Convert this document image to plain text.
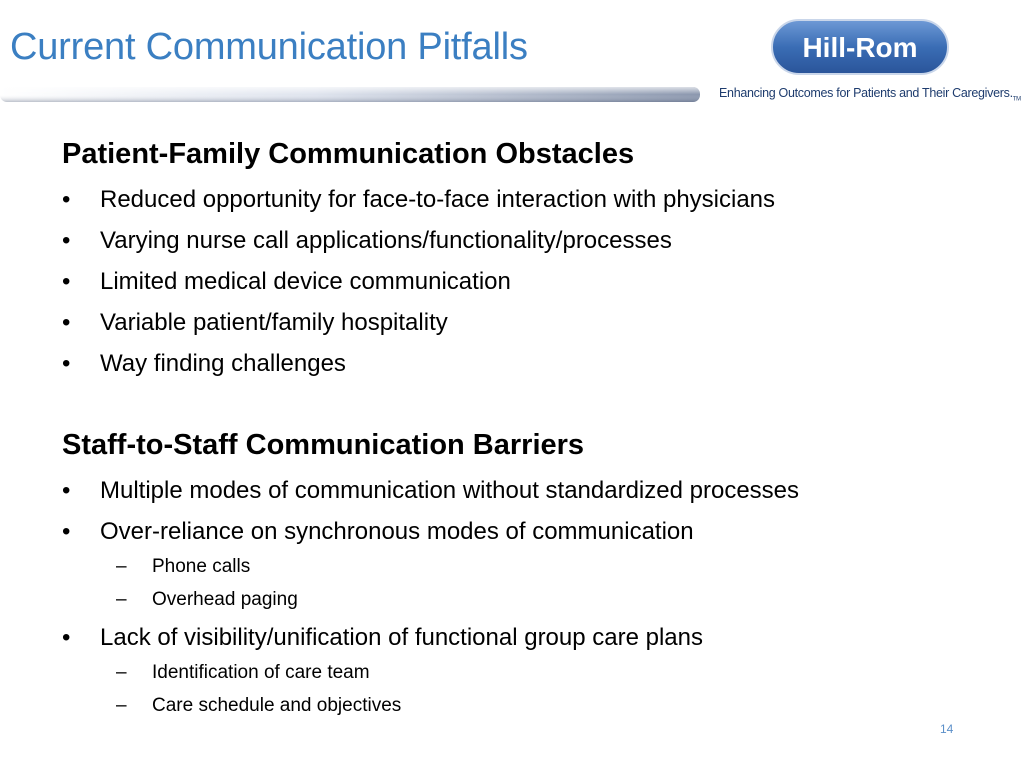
Current Communication Pitfalls	Hill-Rom
Enhancing Outcomes for Patients and Their $Caregivers._{TM}$
Patient-Family Communication Obstacles
• Reduced opportunity for face-to-face interaction with physicians
• Varying nurse call applications/functionality/processes
• Limited medical device communication
• Variable patient/family hospitality
• Way finding challenges
Staff-to-Staff Communication Barriers
• Multiple modes of communication without standardized processes
• Over-reliance on synchronous modes of communication
– Phone calls
– Overhead paging
• Lack of visibility/unification of functional group care plans
– Identification of care team
– Care schedule and objectives
14
